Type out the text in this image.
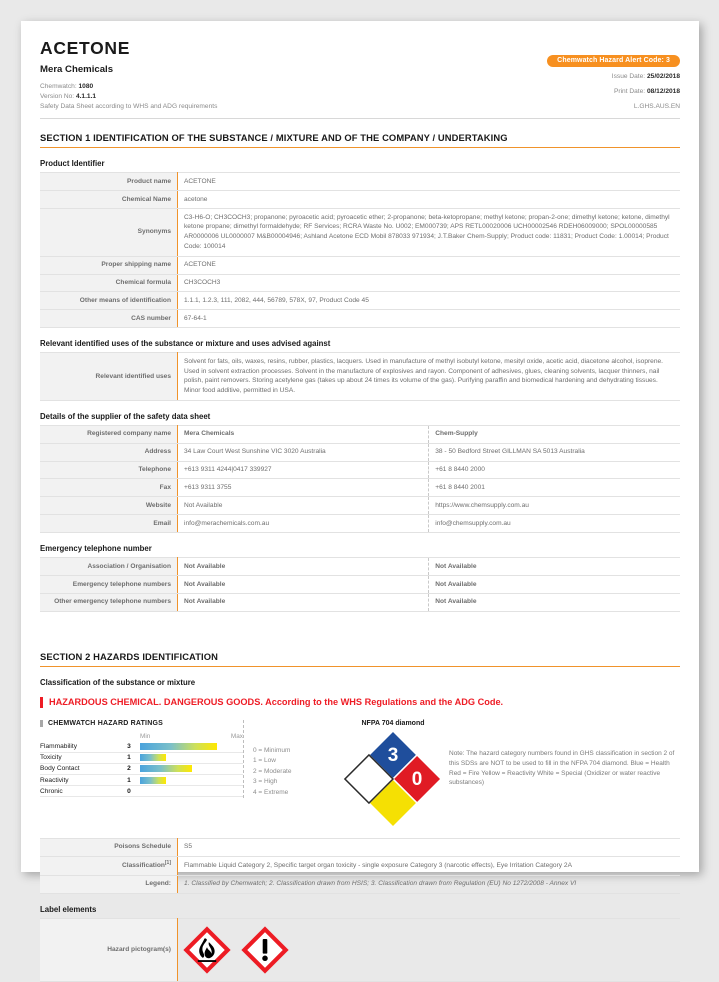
ACETONE
Mera Chemicals
Chemwatch: 1080
Version No: 4.1.1.1
Safety Data Sheet according to WHS and ADG requirements
Chemwatch Hazard Alert Code: 3
Issue Date: 25/02/2018
Print Date: 08/12/2018
L.GHS.AUS.EN
SECTION 1 IDENTIFICATION OF THE SUBSTANCE / MIXTURE AND OF THE COMPANY / UNDERTAKING
Product Identifier
Product name	ACETONE
Chemical Name	acetone
Synonyms	C3-H6-O; CH3COCH3; propanone; pyroacetic acid; pyroacetic ether; 2-propanone; beta-ketopropane; methyl ketone; propan-2-one; dimethyl ketone; ketone, dimethyl ketone propane; dimethyl formaldehyde; RF Services; RCRA Waste No. U002; EM000739; APS RETL00020006 UCH00002546 RDEH06009000; SPOL00000585 AR0000006 UL0000007 M&B00004946; Ashland Acetone ECD Mobil 878033 971934; J.T.Baker Chem-Supply; Product code: 11831; Product Code: 1.00014; Product Code: 100014
Proper shipping name	ACETONE
Chemical formula	CH3COCH3
Other means of identification	1.1.1, 1.2.3, 111, 2082, 444, 56789, 578X, 97, Product Code 45
CAS number	67-64-1
Relevant identified uses of the substance or mixture and uses advised against
Relevant identified uses	Solvent for fats, oils, waxes, resins, rubber, plastics, lacquers. Used in manufacture of methyl isobutyl ketone, mesityl oxide, acetic acid, diacetone alcohol, isoprene. Used in solvent extraction processes. Solvent in the manufacture of explosives and rayon. Component of adhesives, glues, cleaning solvents, lacquer thinners, nail polish, paint removers. Storing acetylene gas (takes up about 24 times its volume of the gas). Purifying paraffin and biomedical hardening and dehydrating tissues. Minor food additive, permitted in USA.
Details of the supplier of the safety data sheet
Registered company name	Mera Chemicals	Chem-Supply
Address	34 Law Court West Sunshine VIC 3020 Australia	38 - 50 Bedford Street GILLMAN SA 5013 Australia
Telephone	+613 9311 4244|0417 339927	+61 8 8440 2000
Fax	+613 9311 3755	+61 8 8440 2001
Website	Not Available	https://www.chemsupply.com.au
Email	info@merachemicals.com.au	info@chemsupply.com.au
Emergency telephone number
Association / Organisation	Not Available	Not Available
Emergency telephone numbers	Not Available	Not Available
Other emergency telephone numbers	Not Available	Not Available
SECTION 2 HAZARDS IDENTIFICATION
Classification of the substance or mixture
HAZARDOUS CHEMICAL. DANGEROUS GOODS. According to the WHS Regulations and the ADG Code.
CHEMWATCH HAZARD RATINGS

		Min Max

Flammability	3	

Toxicity	1	

Body Contact	2	

Reactivity	1	

Chronic	0	
0 = Minimum
1 = Low
2 = Moderate
3 = High
4 = Extreme
NFPA 704 diamond
1
3
0
Note: The hazard category numbers found in GHS classification in section 2 of this SDSs are NOT to be used to fill in the NFPA 704 diamond. Blue = Health Red = Fire Yellow = Reactivity White = Special (Oxidizer or water reactive substances)
Poisons Schedule	S5
Classification[1]	Flammable Liquid Category 2, Specific target organ toxicity - single exposure Category 3 (narcotic effects), Eye Irritation Category 2A
Legend:	1. Classified by Chemwatch; 2. Classification drawn from HSIS; 3. Classification drawn from Regulation (EU) No 1272/2008 - Annex VI
Label elements
Hazard pictogram(s)	
